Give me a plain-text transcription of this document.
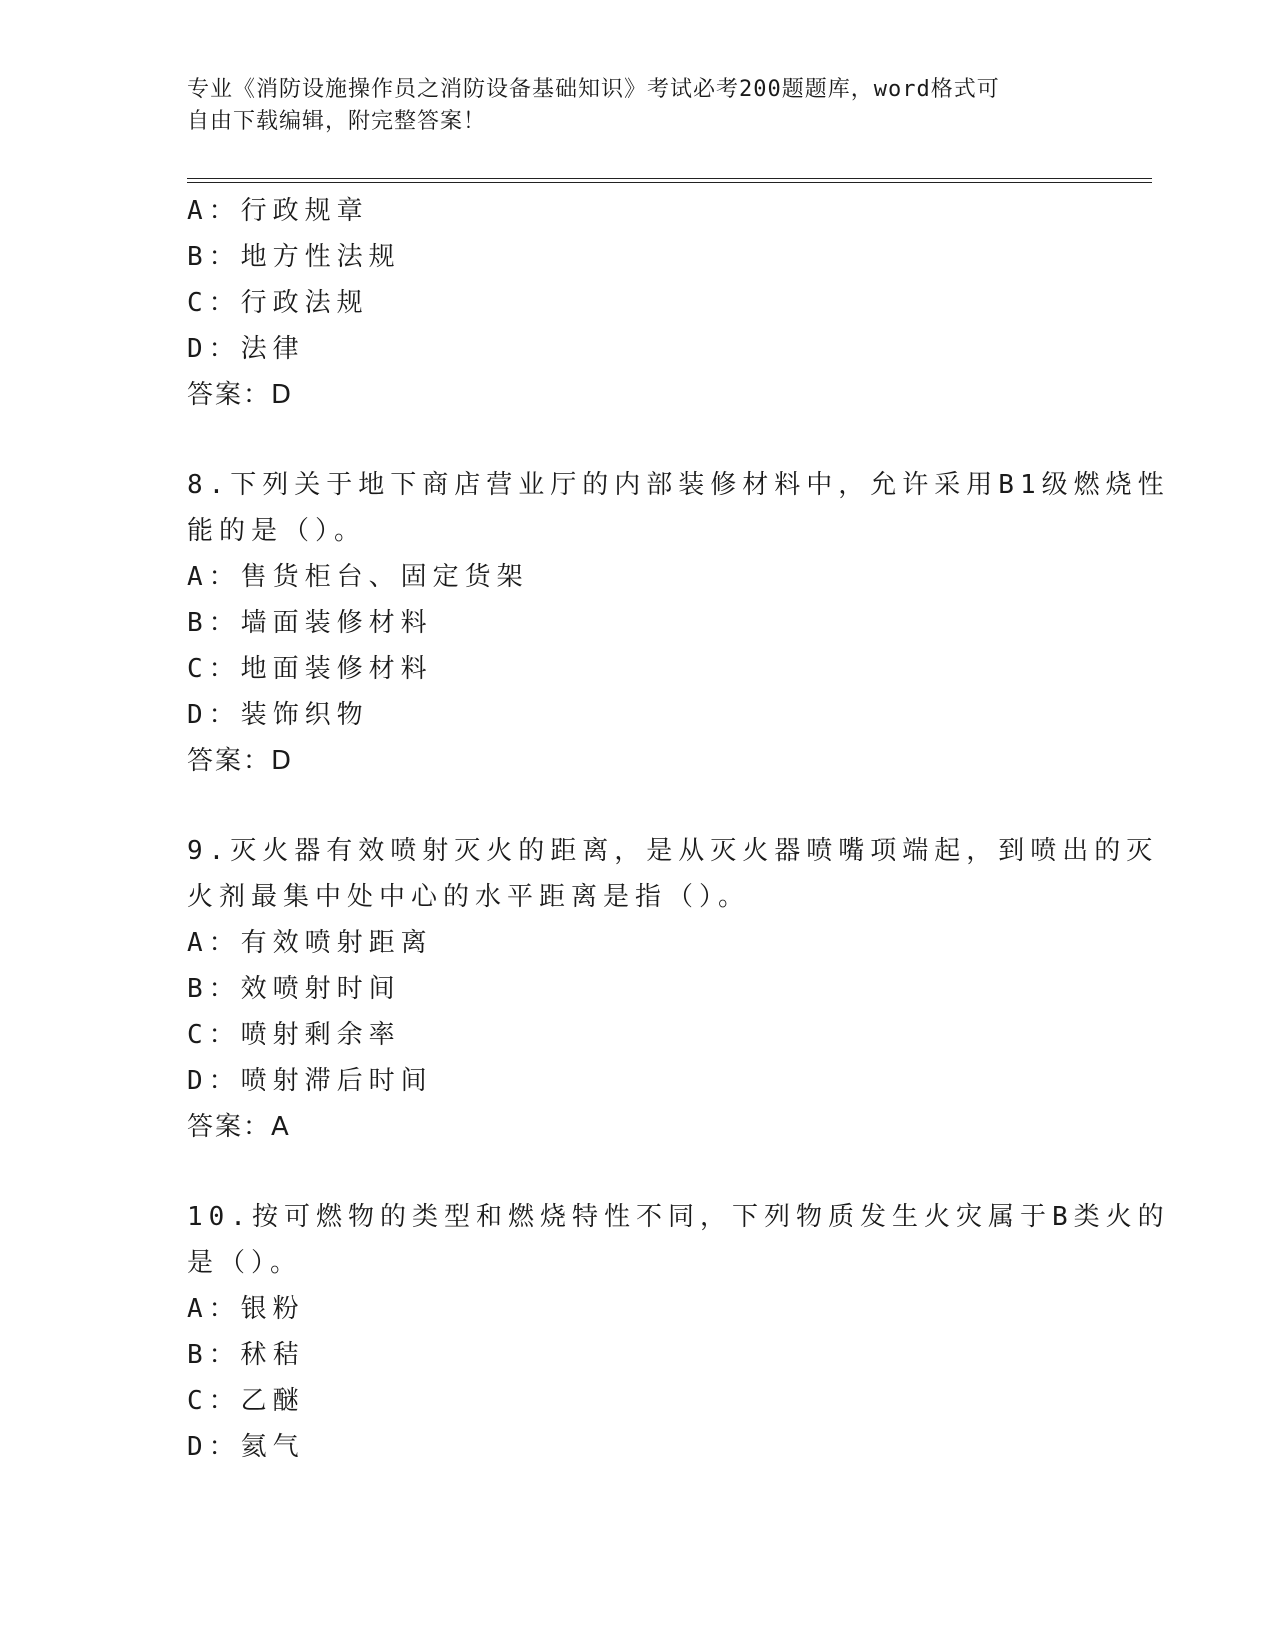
专业《消防设施操作员之消防设备基础知识》考试必考200题题库，word格式可
自由下载编辑，附完整答案！
A：行政规章
B：地方性法规
C：行政法规
D：法律
答案：D
8.下列关于地下商店营业厅的内部装修材料中，允许采用B1级燃烧性
能的是（）。
A：售货柜台、固定货架
B：墙面装修材料
C：地面装修材料
D：装饰织物
答案：D
9.灭火器有效喷射灭火的距离，是从灭火器喷嘴项端起，到喷出的灭
火剂最集中处中心的水平距离是指（）。
A：有效喷射距离
B：效喷射时间
C：喷射剩余率
D：喷射滞后时间
答案：A
10.按可燃物的类型和燃烧特性不同，下列物质发生火灾属于B类火的
是（）。
A：银粉
B：秫秸
C：乙醚
D：氦气
